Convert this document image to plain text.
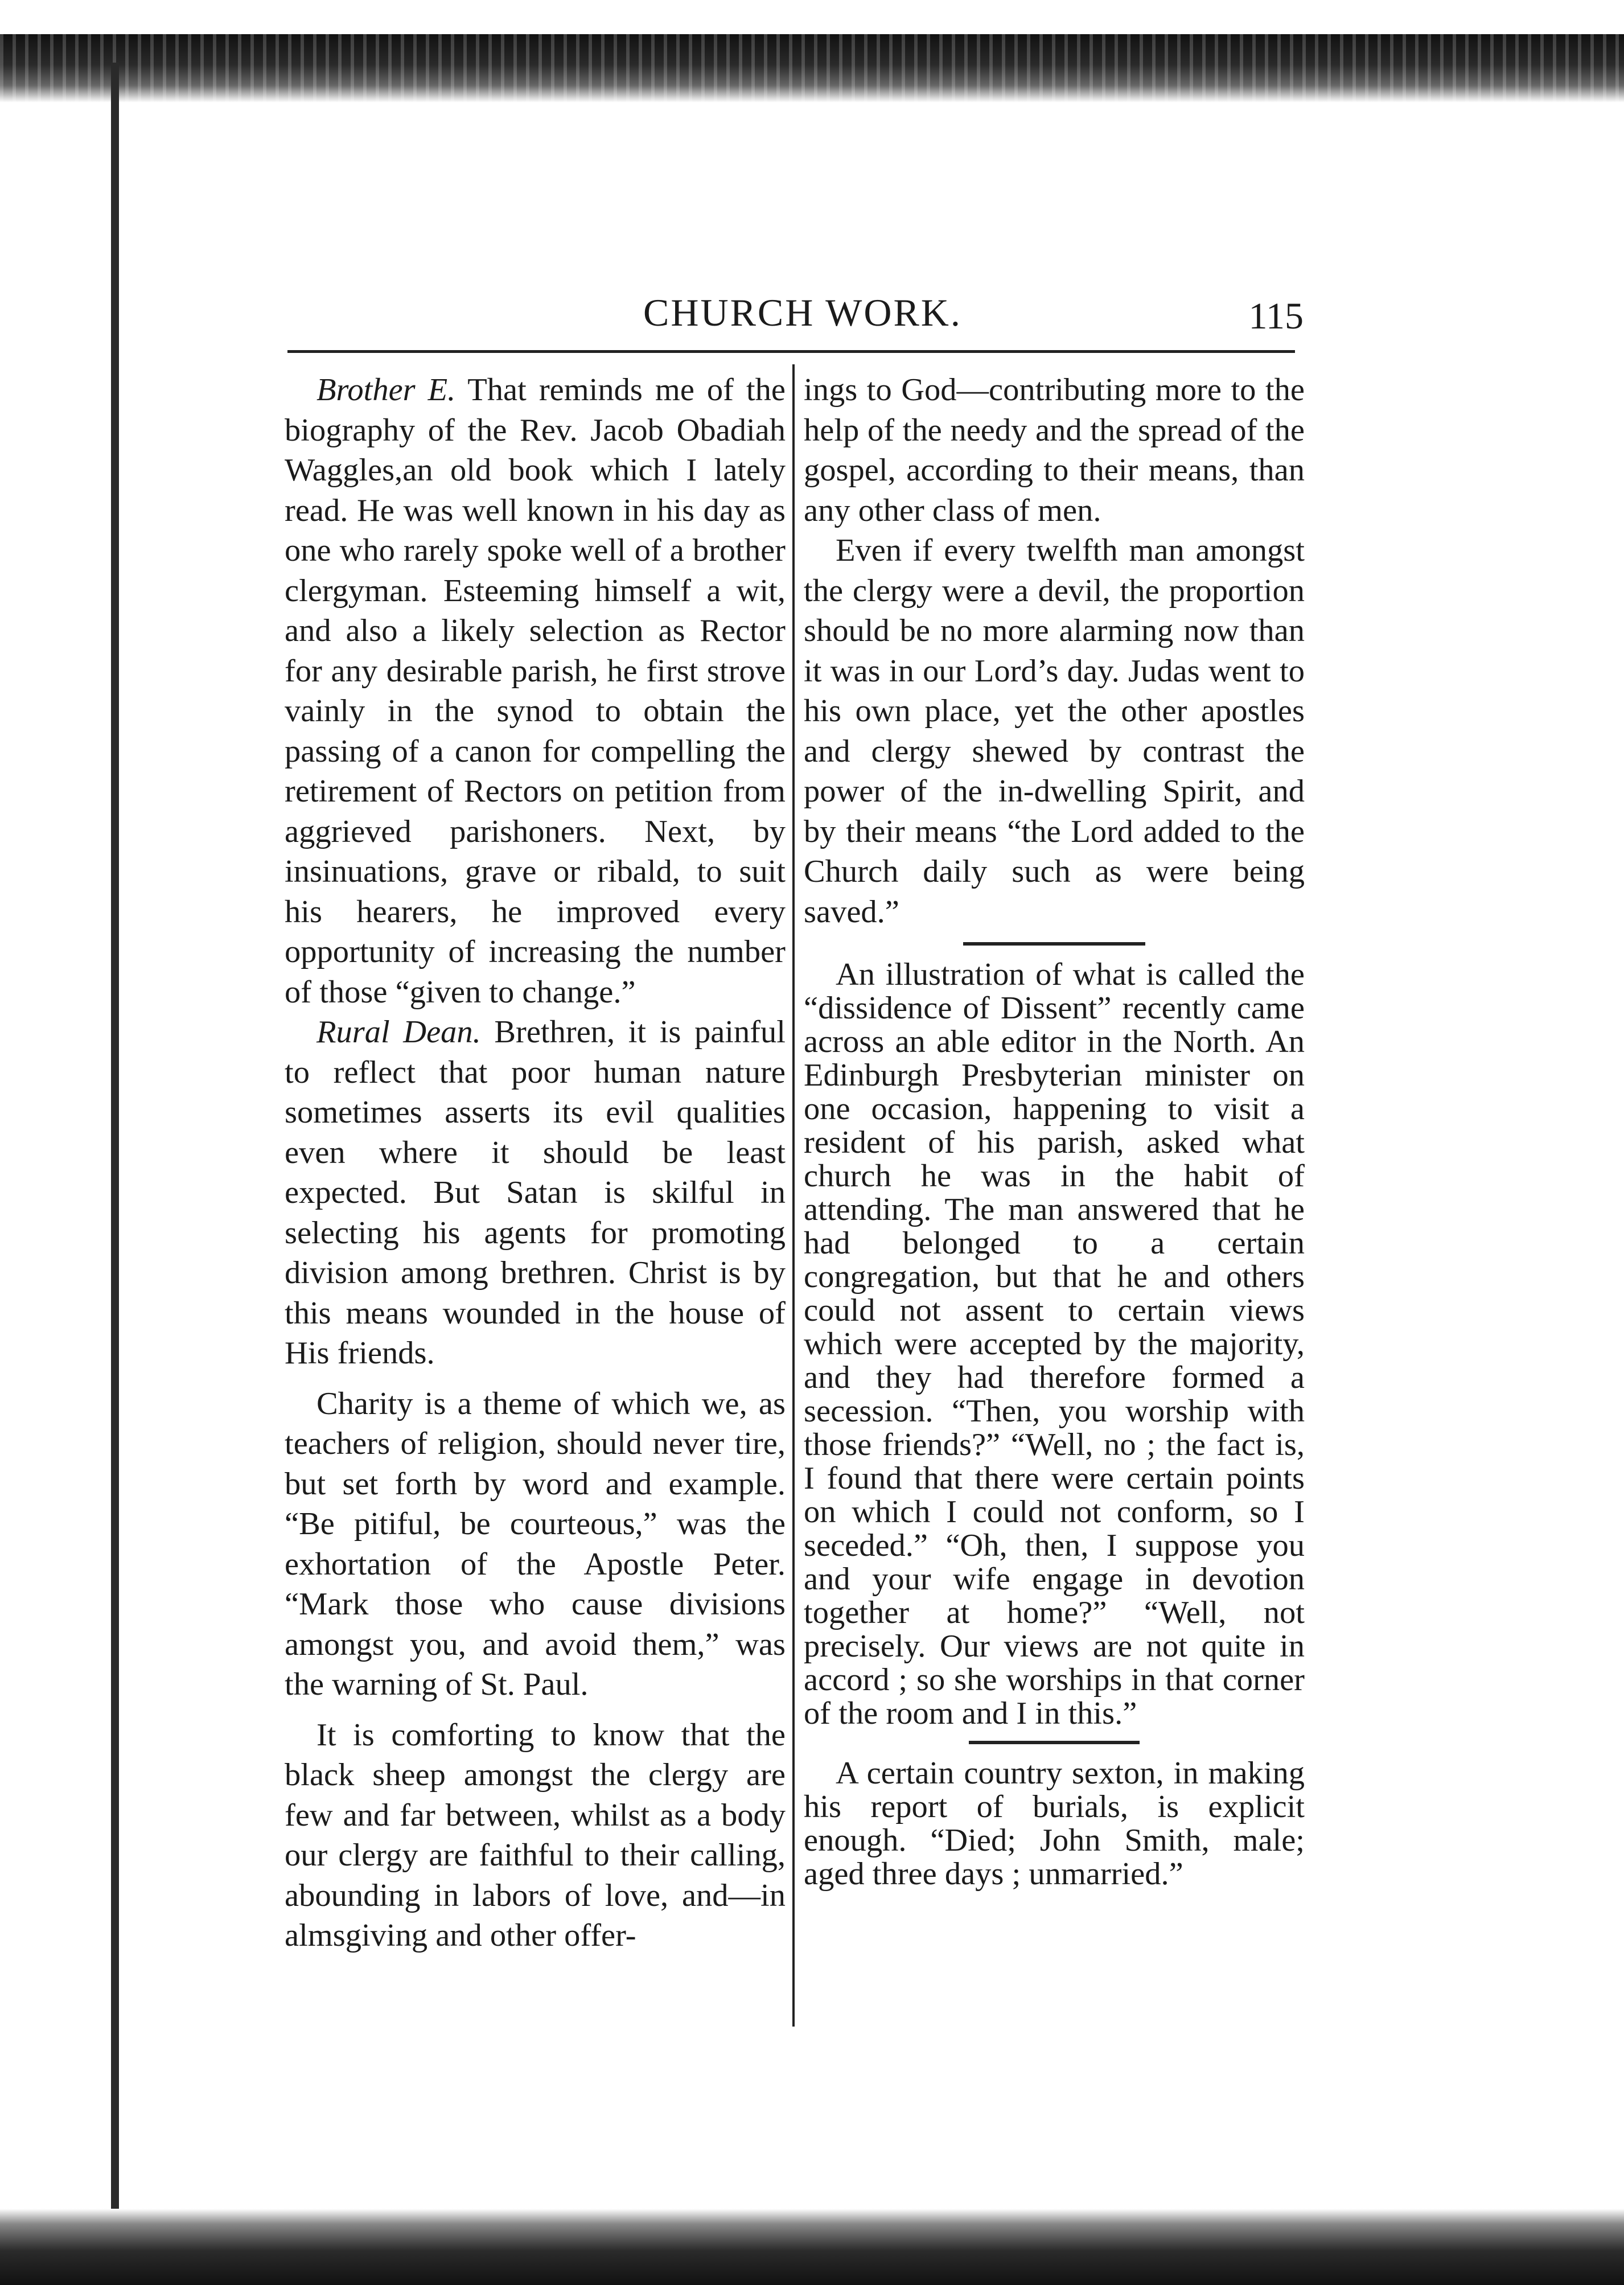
CHURCH WORK.	115

Brother E. That reminds me of the biography of the Rev. Jacob Obadiah Waggles,an old book which I lately read. He was well known in his day as one who rarely spoke well of a brother clergyman. Esteeming himself a wit, and also a likely selection as Rector for any desirable parish, he first strove vainly in the synod to obtain the passing of a canon for compelling the retirement of Rectors on petition from aggrieved parishoners. Next, by insinuations, grave or ribald, to suit his hearers, he improved every opportunity of increasing the number of those “given to change.”

Rural Dean. Brethren, it is painful to reflect that poor human nature sometimes asserts its evil qualities even where it should be least expected. But Satan is skilful in selecting his agents for promoting division among brethren. Christ is by this means wounded in the house of His friends.

Charity is a theme of which we, as teachers of religion, should never tire, but set forth by word and example. “Be pitiful, be courteous,” was the exhortation of the Apostle Peter. “Mark those who cause divisions amongst you, and avoid them,” was the warning of St. Paul.

It is comforting to know that the black sheep amongst the clergy are few and far between, whilst as a body our clergy are faithful to their calling, abounding in labors of love, and—in almsgiving and other offer-

ings to God—contributing more to the help of the needy and the spread of the gospel, according to their means, than any other class of men.

Even if every twelfth man amongst the clergy were a devil, the proportion should be no more alarming now than it was in our Lord’s day. Judas went to his own place, yet the other apostles and clergy shewed by contrast the power of the in-dwelling Spirit, and by their means “the Lord added to the Church daily such as were being saved.”

An illustration of what is called the “dissidence of Dissent” recently came across an able editor in the North. An Edinburgh Presbyterian minister on one occasion, happening to visit a resident of his parish, asked what church he was in the habit of attending. The man answered that he had belonged to a certain congregation, but that he and others could not assent to certain views which were accepted by the majority, and they had therefore formed a secession. “Then, you worship with those friends?” “Well, no ; the fact is, I found that there were certain points on which I could not conform, so I seceded.” “Oh, then, I suppose you and your wife engage in devotion together at home?” “Well, not precisely. Our views are not quite in accord ; so she worships in that corner of the room and I in this.”

A certain country sexton, in making his report of burials, is explicit enough. “Died; John Smith, male; aged three days ; unmarried.”
